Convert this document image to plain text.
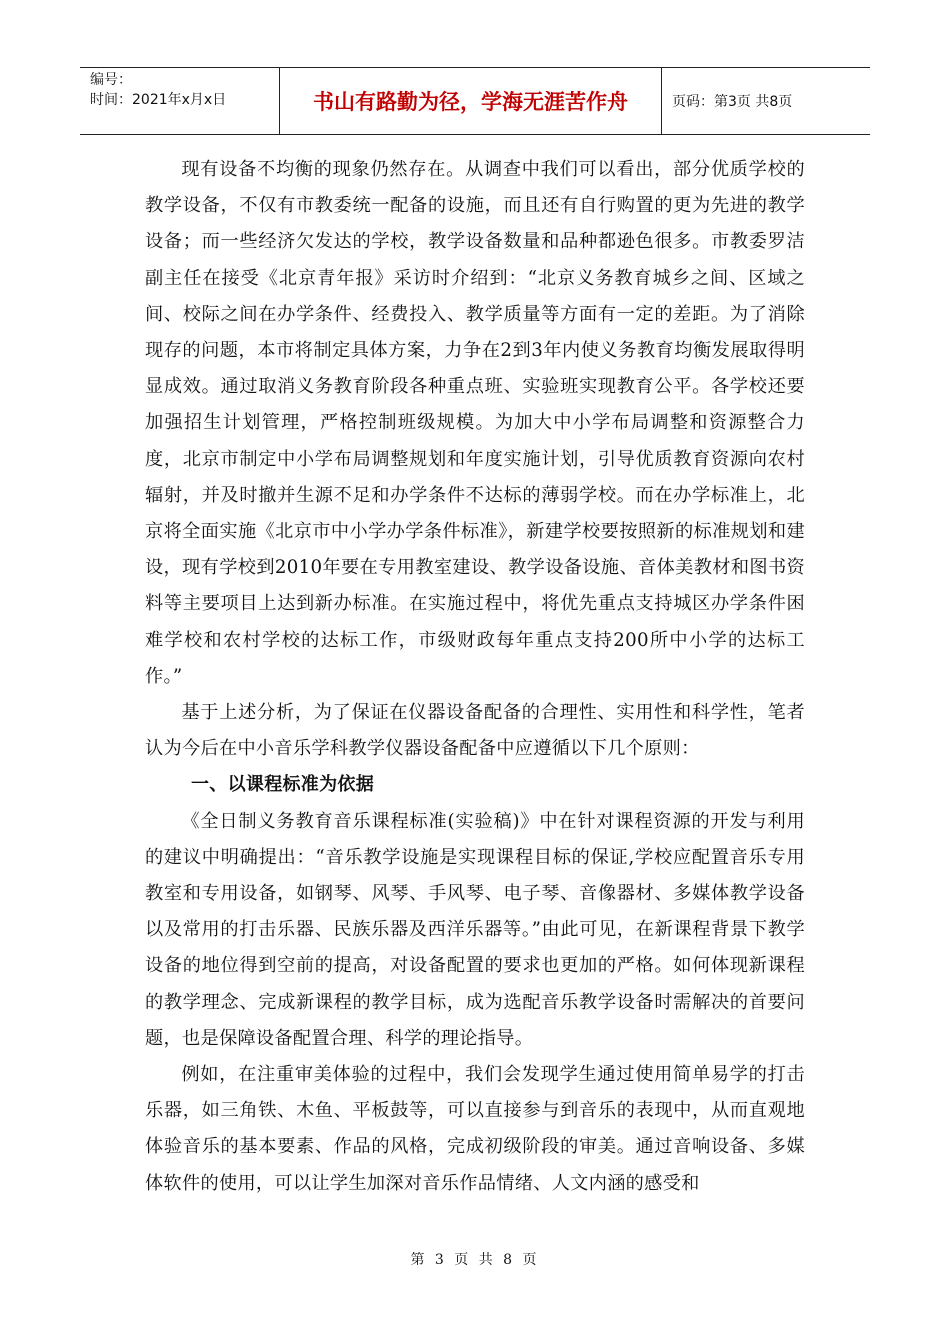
编号：
时间：2021年x月x日	书山有路勤为径，学海无涯苦作舟	页码：第3页 共8页

现有设备不均衡的现象仍然存在。从调查中我们可以看出，部分优质学校的教学设备，不仅有市教委统一配备的设施，而且还有自行购置的更为先进的教学设备；而一些经济欠发达的学校，教学设备数量和品种都逊色很多。市教委罗洁副主任在接受《北京青年报》采访时介绍到：“北京义务教育城乡之间、区域之间、校际之间在办学条件、经费投入、教学质量等方面有一定的差距。为了消除现存的问题，本市将制定具体方案，力争在2到3年内使义务教育均衡发展取得明显成效。通过取消义务教育阶段各种重点班、实验班实现教育公平。各学校还要加强招生计划管理，严格控制班级规模。为加大中小学布局调整和资源整合力度，北京市制定中小学布局调整规划和年度实施计划，引导优质教育资源向农村辐射，并及时撤并生源不足和办学条件不达标的薄弱学校。而在办学标准上，北京将全面实施《北京市中小学办学条件标准》，新建学校要按照新的标准规划和建设，现有学校到2010年要在专用教室建设、教学设备设施、音体美教材和图书资料等主要项目上达到新办标准。在实施过程中，将优先重点支持城区办学条件困难学校和农村学校的达标工作，市级财政每年重点支持200所中小学的达标工作。”

基于上述分析，为了保证在仪器设备配备的合理性、实用性和科学性，笔者认为今后在中小音乐学科教学仪器设备配备中应遵循以下几个原则：

一、以课程标准为依据

《全日制义务教育音乐课程标准(实验稿)》中在针对课程资源的开发与利用的建议中明确提出：“音乐教学设施是实现课程目标的保证,学校应配置音乐专用教室和专用设备，如钢琴、风琴、手风琴、电子琴、音像器材、多媒体教学设备以及常用的打击乐器、民族乐器及西洋乐器等。”由此可见，在新课程背景下教学设备的地位得到空前的提高，对设备配置的要求也更加的严格。如何体现新课程的教学理念、完成新课程的教学目标，成为选配音乐教学设备时需解决的首要问题，也是保障设备配置合理、科学的理论指导。

例如，在注重审美体验的过程中，我们会发现学生通过使用简单易学的打击乐器，如三角铁、木鱼、平板鼓等，可以直接参与到音乐的表现中，从而直观地体验音乐的基本要素、作品的风格，完成初级阶段的审美。通过音响设备、多媒体软件的使用，可以让学生加深对音乐作品情绪、人文内涵的感受和

第 3 页 共 8 页
